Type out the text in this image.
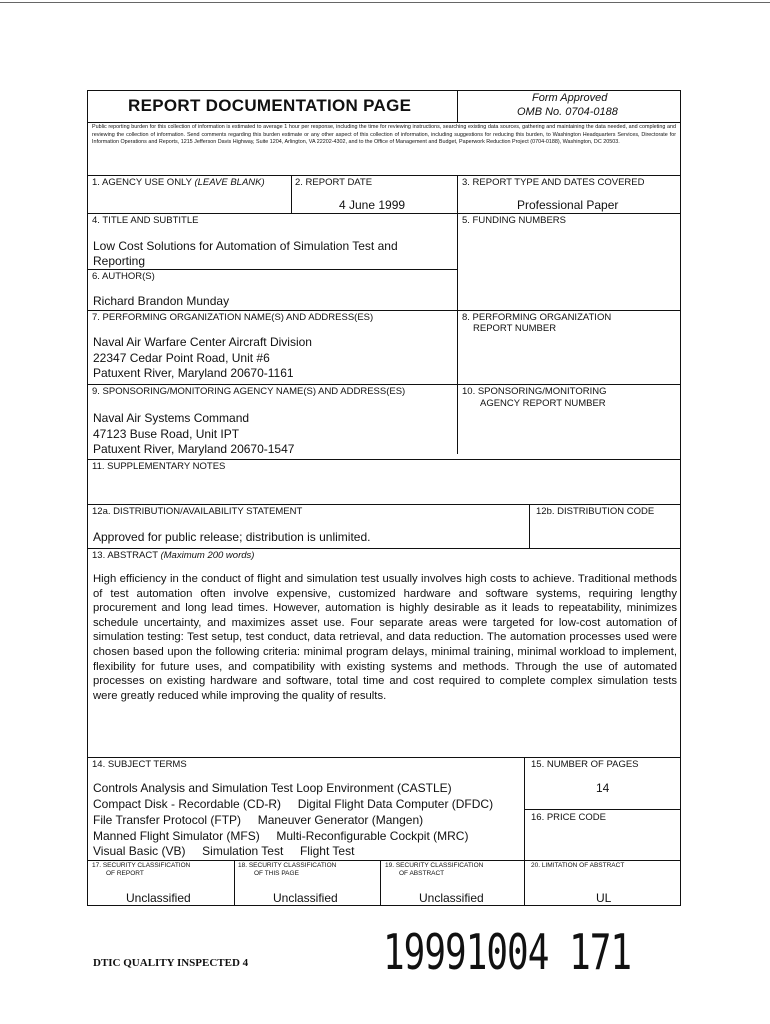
REPORT DOCUMENTATION PAGE	Form Approved
OMB No. 0704-0188
Public reporting burden for this collection of information is estimated to average 1 hour per response, including the time for reviewing instructions, searching existing data sources, gathering and maintaining the data needed, and completing and reviewing the collection of information. Send comments regarding this burden estimate or any other aspect of this collection of information, including suggestions for reducing this burden, to Washington Headquarters Services, Directorate for Information Operations and Reports, 1215 Jefferson Davis Highway, Suite 1204, Arlington, VA 22202-4302, and to the Office of Management and Budget, Paperwork Reduction Project (0704-0188), Washington, DC 20503.
1. AGENCY USE ONLY (LEAVE BLANK)	2. REPORT DATE
4 June 1999
3. REPORT TYPE AND DATES COVERED
Professional Paper
4. TITLE AND SUBTITLE
Low Cost Solutions for Automation of Simulation Test and
Reporting
5. FUNDING NUMBERS
6. AUTHOR(S)
Richard Brandon Munday
7. PERFORMING ORGANIZATION NAME(S) AND ADDRESS(ES)
Naval Air Warfare Center Aircraft Division
22347 Cedar Point Road, Unit #6
Patuxent River, Maryland 20670-1161
8. PERFORMING ORGANIZATION
REPORT NUMBER
9. SPONSORING/MONITORING AGENCY NAME(S) AND ADDRESS(ES)
Naval Air Systems Command
47123 Buse Road, Unit IPT
Patuxent River, Maryland 20670-1547
10. SPONSORING/MONITORING
AGENCY REPORT NUMBER
11. SUPPLEMENTARY NOTES
12a. DISTRIBUTION/AVAILABILITY STATEMENT
Approved for public release; distribution is unlimited.
12b. DISTRIBUTION CODE
13. ABSTRACT (Maximum 200 words)
High efficiency in the conduct of flight and simulation test usually involves high costs to achieve. Traditional methods of test automation often involve expensive, customized hardware and software systems, requiring lengthy procurement and long lead times. However, automation is highly desirable as it leads to repeatability, minimizes schedule uncertainty, and maximizes asset use. Four separate areas were targeted for low-cost automation of simulation testing: Test setup, test conduct, data retrieval, and data reduction. The automation processes used were chosen based upon the following criteria: minimal program delays, minimal training, minimal workload to implement, flexibility for future uses, and compatibility with existing systems and methods. Through the use of automated processes on existing hardware and software, total time and cost required to complete complex simulation tests were greatly reduced while improving the quality of results.
14. SUBJECT TERMS
Controls Analysis and Simulation Test Loop Environment (CASTLE)
Compact Disk - Recordable (CD-R)     Digital Flight Data Computer (DFDC)
File Transfer Protocol (FTP)     Maneuver Generator (Mangen)
Manned Flight Simulator (MFS)     Multi-Reconfigurable Cockpit (MRC)
Visual Basic (VB)     Simulation Test     Flight Test
15. NUMBER OF PAGES
14
16. PRICE CODE
17. SECURITY CLASSIFICATION
OF REPORT
Unclassified
18. SECURITY CLASSIFICATION
OF THIS PAGE
Unclassified
19. SECURITY CLASSIFICATION
OF ABSTRACT
Unclassified
20. LIMITATION OF ABSTRACT
UL
DTIC QUALITY INSPECTED 4	19991004 171
